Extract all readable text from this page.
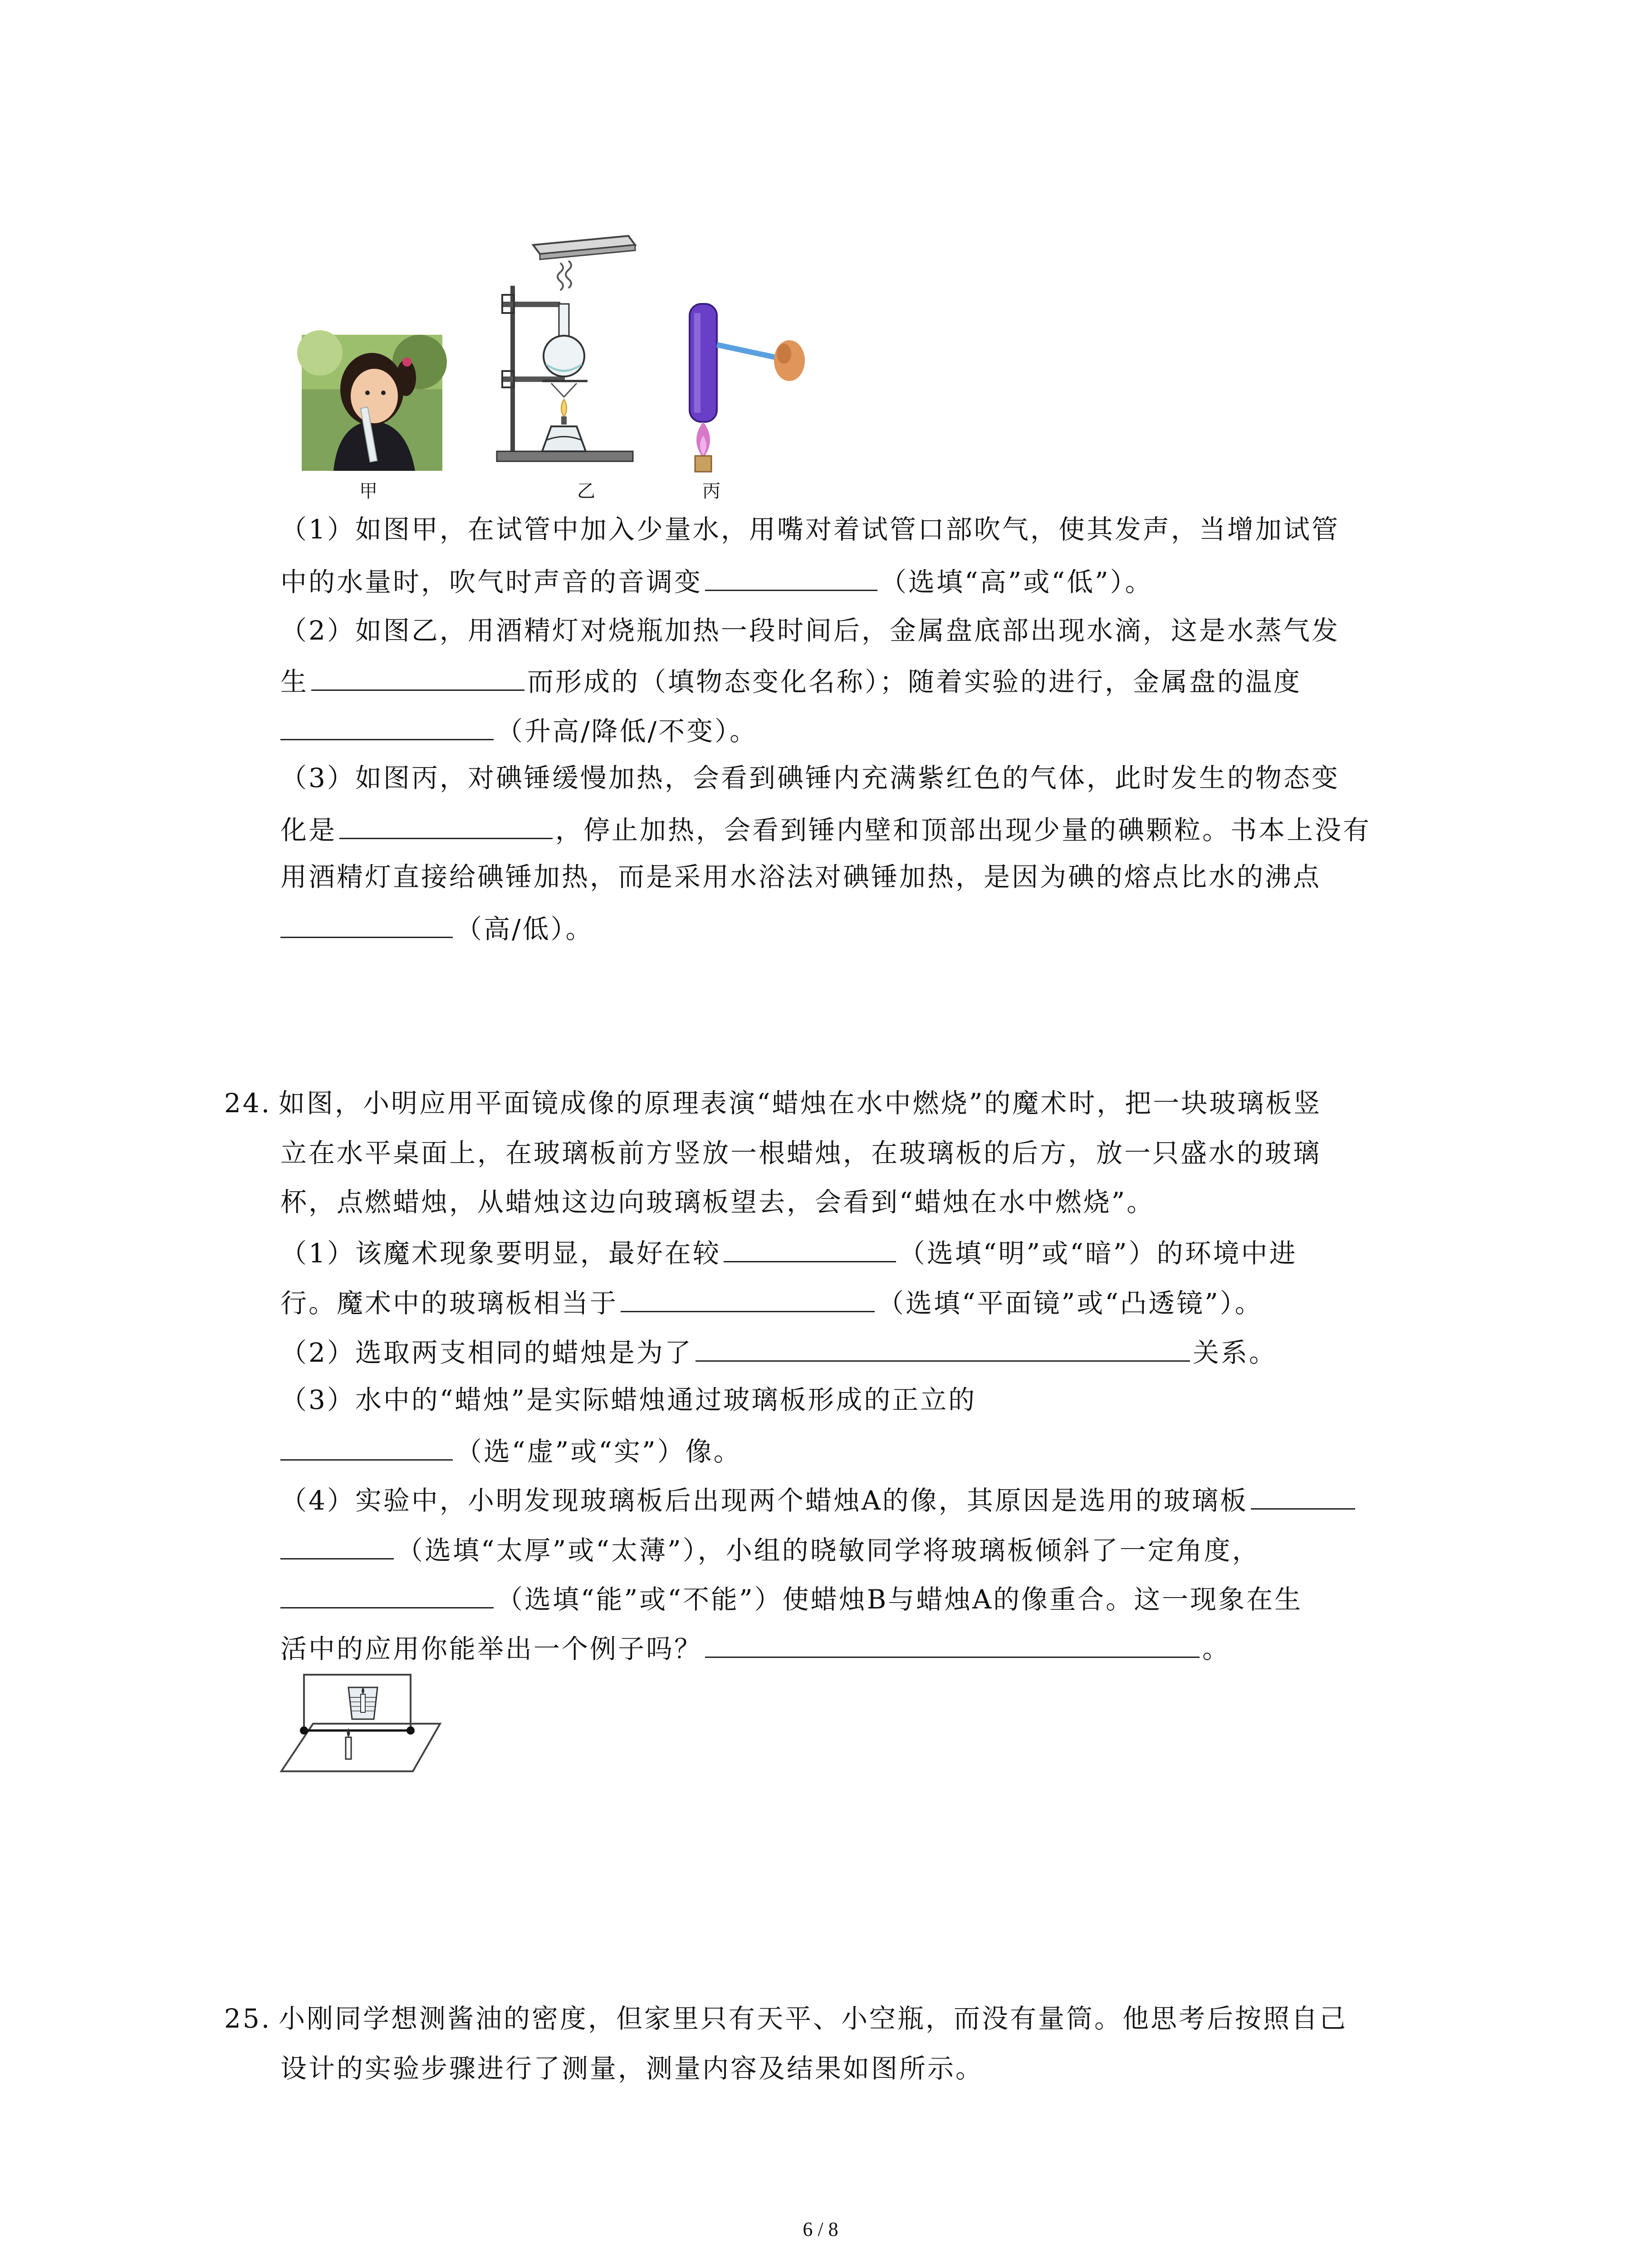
甲	乙	丙
（1）如图甲，在试管中加入少量水，用嘴对着试管口部吹气，使其发声，当增加试管
中的水量时，吹气时声音的音调变	（选填“高”或“低”）。
（2）如图乙，用酒精灯对烧瓶加热一段时间后，金属盘底部出现水滴，这是水蒸气发
生	而形成的（填物态变化名称）；随着实验的进行，金属盘的温度
（升高/降低/不变）。
（3）如图丙，对碘锤缓慢加热，会看到碘锤内充满紫红色的气体，此时发生的物态变
化是	，停止加热，会看到锤内壁和顶部出现少量的碘颗粒。书本上没有
用酒精灯直接给碘锤加热，而是采用水浴法对碘锤加热，是因为碘的熔点比水的沸点
（高/低）。
24. 如图，小明应用平面镜成像的原理表演“蜡烛在水中燃烧”的魔术时，把一块玻璃板竖
立在水平桌面上，在玻璃板前方竖放一根蜡烛，在玻璃板的后方，放一只盛水的玻璃
杯，点燃蜡烛，从蜡烛这边向玻璃板望去，会看到“蜡烛在水中燃烧”。
（1）该魔术现象要明显，最好在较	（选填“明”或“暗”）的环境中进
行。魔术中的玻璃板相当于	（选填“平面镜”或“凸透镜”）。
（2）选取两支相同的蜡烛是为了	关系。
（3）水中的“蜡烛”是实际蜡烛通过玻璃板形成的正立的
（选“虚”或“实”）像。
（4）实验中，小明发现玻璃板后出现两个蜡烛A的像，其原因是选用的玻璃板
（选填“太厚”或“太薄”），小组的晓敏同学将玻璃板倾斜了一定角度，
（选填“能”或“不能”）使蜡烛B与蜡烛A的像重合。这一现象在生
活中的应用你能举出一个例子吗？	。
25. 小刚同学想测酱油的密度，但家里只有天平、小空瓶，而没有量筒。他思考后按照自己
设计的实验步骤进行了测量，测量内容及结果如图所示。
6 / 8
